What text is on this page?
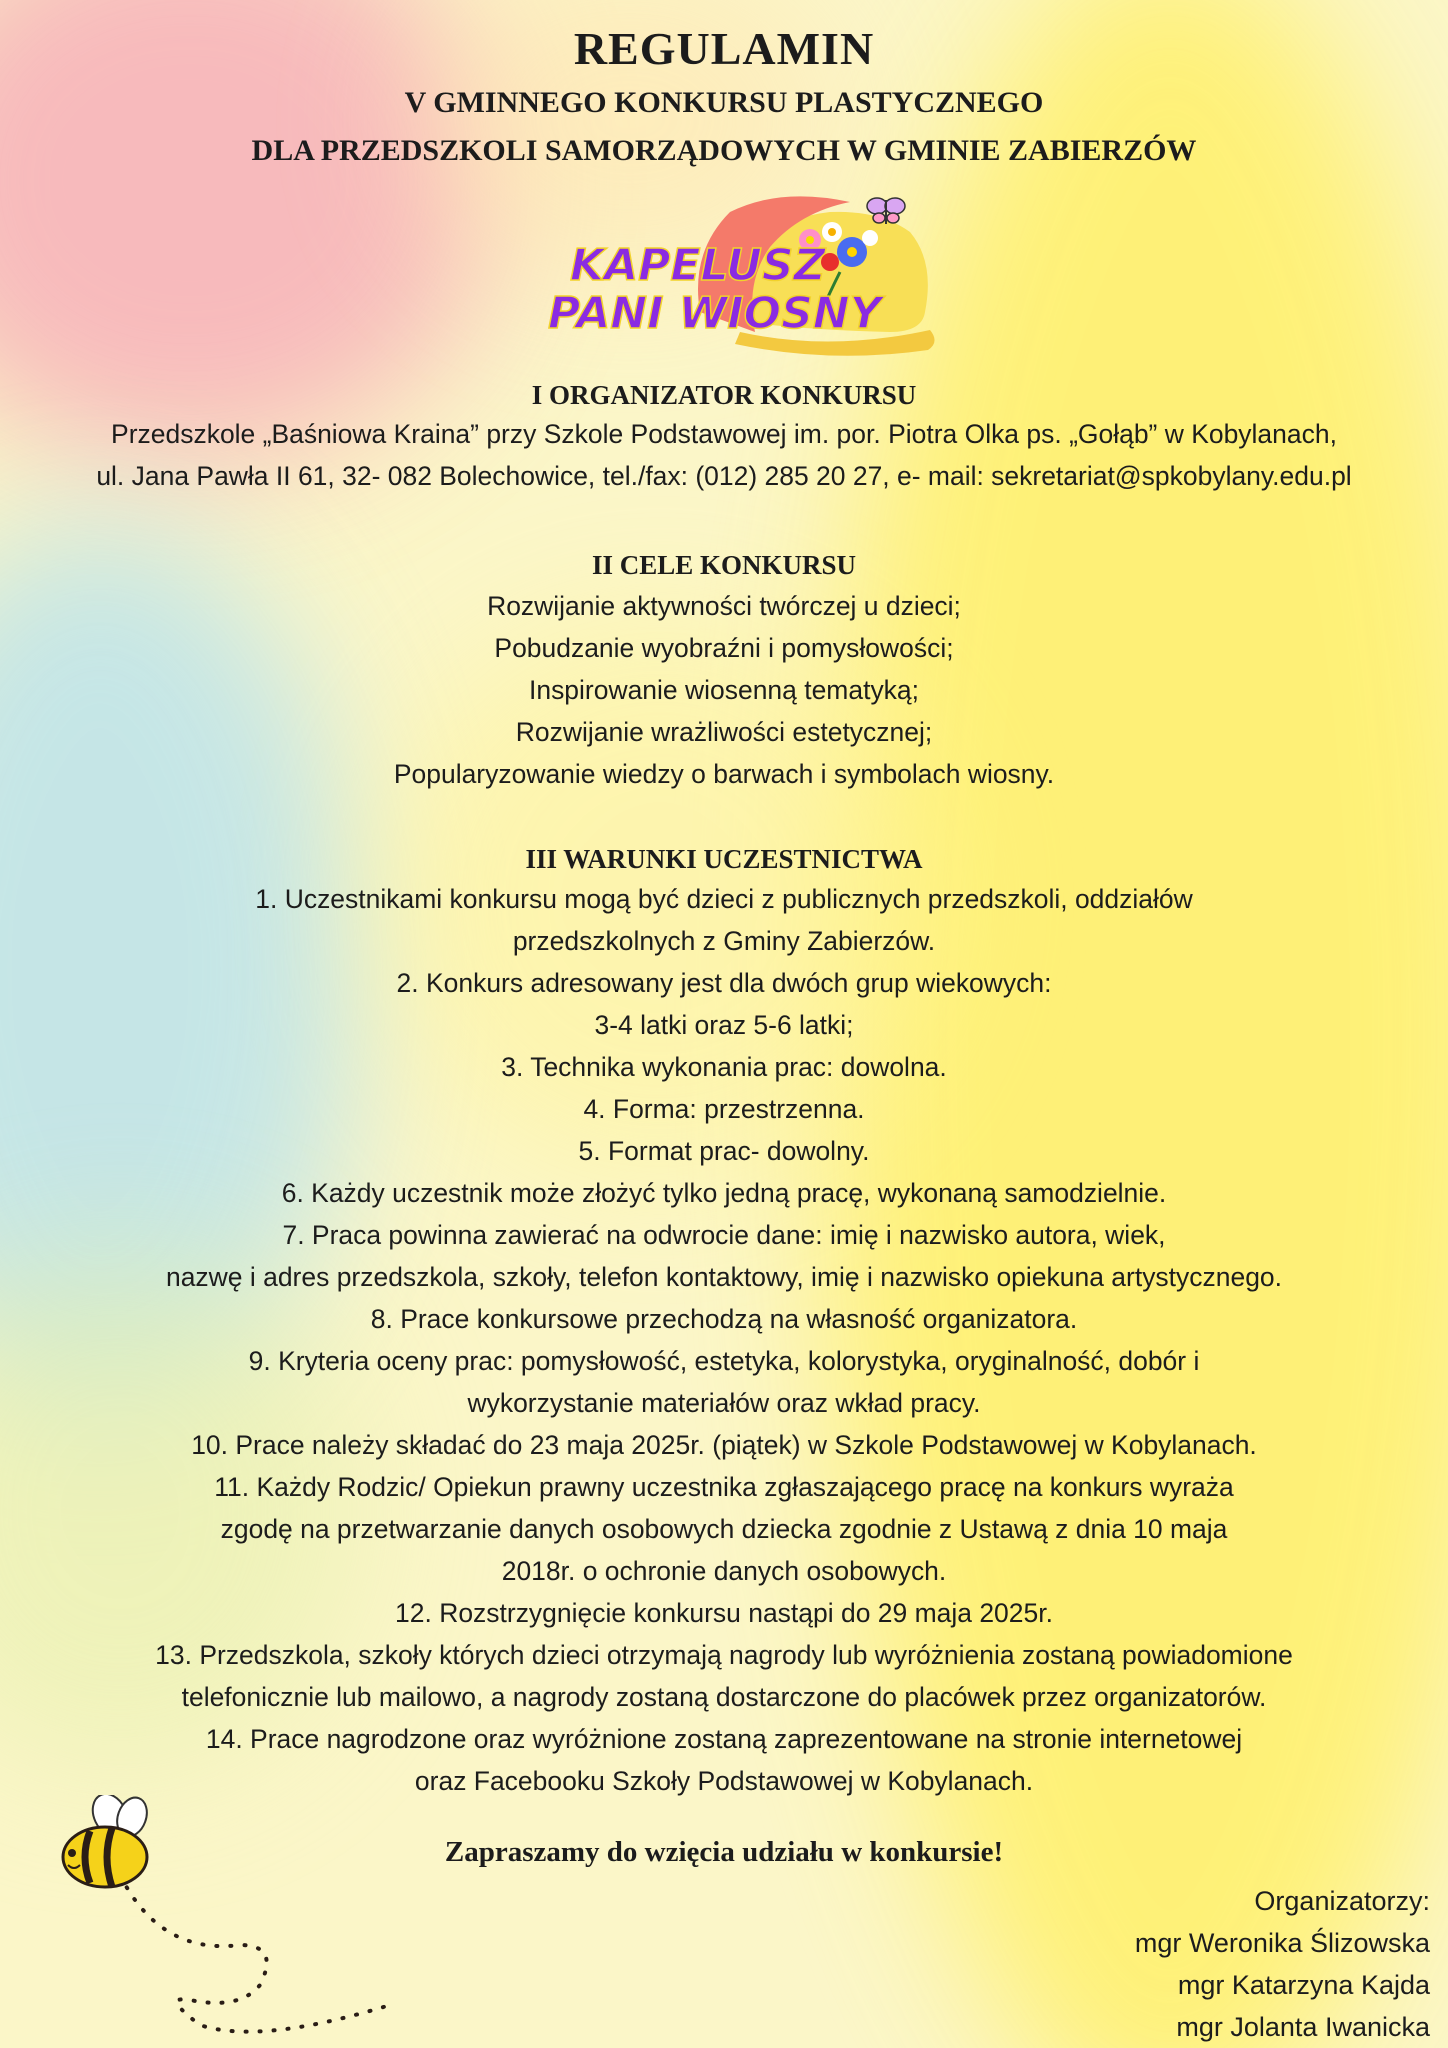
REGULAMIN
V GMINNEGO KONKURSU PLASTYCZNEGO
DLA PRZEDSZKOLI SAMORZĄDOWYCH W GMINIE ZABIERZÓW
KAPELUSZ
PANI WIOSNY
I ORGANIZATOR KONKURSU
Przedszkole „Baśniowa Kraina” przy Szkole Podstawowej im. por. Piotra Olka ps. „Gołąb” w Kobylanach,
ul. Jana Pawła II 61, 32- 082 Bolechowice, tel./fax: (012) 285 20 27, e- mail: sekretariat@spkobylany.edu.pl
II CELE KONKURSU
Rozwijanie aktywności twórczej u dzieci;
Pobudzanie wyobraźni i pomysłowości;
Inspirowanie wiosenną tematyką;
Rozwijanie wrażliwości estetycznej;
Popularyzowanie wiedzy o barwach i symbolach wiosny.
III WARUNKI UCZESTNICTWA
1. Uczestnikami konkursu mogą być dzieci z publicznych przedszkoli, oddziałów
przedszkolnych z Gminy Zabierzów.
2. Konkurs adresowany jest dla dwóch grup wiekowych:
3-4 latki oraz 5-6 latki;
3. Technika wykonania prac: dowolna.
4. Forma: przestrzenna.
5. Format prac- dowolny.
6. Każdy uczestnik może złożyć tylko jedną pracę, wykonaną samodzielnie.
7. Praca powinna zawierać na odwrocie dane: imię i nazwisko autora, wiek,
nazwę i adres przedszkola, szkoły, telefon kontaktowy, imię i nazwisko opiekuna artystycznego.
8. Prace konkursowe przechodzą na własność organizatora.
9. Kryteria oceny prac: pomysłowość, estetyka, kolorystyka, oryginalność, dobór i
wykorzystanie materiałów oraz wkład pracy.
10. Prace należy składać do 23 maja 2025r. (piątek) w Szkole Podstawowej w Kobylanach.
11. Każdy Rodzic/ Opiekun prawny uczestnika zgłaszającego pracę na konkurs wyraża
zgodę na przetwarzanie danych osobowych dziecka zgodnie z Ustawą z dnia 10 maja
2018r. o ochronie danych osobowych.
12. Rozstrzygnięcie konkursu nastąpi do 29 maja 2025r.
13. Przedszkola, szkoły których dzieci otrzymają nagrody lub wyróżnienia zostaną powiadomione
telefonicznie lub mailowo, a nagrody zostaną dostarczone do placówek przez organizatorów.
14. Prace nagrodzone oraz wyróżnione zostaną zaprezentowane na stronie internetowej
oraz Facebooku Szkoły Podstawowej w Kobylanach.
Zapraszamy do wzięcia udziału w konkursie!
Organizatorzy:
mgr Weronika Ślizowska
mgr Katarzyna Kajda
mgr Jolanta Iwanicka
